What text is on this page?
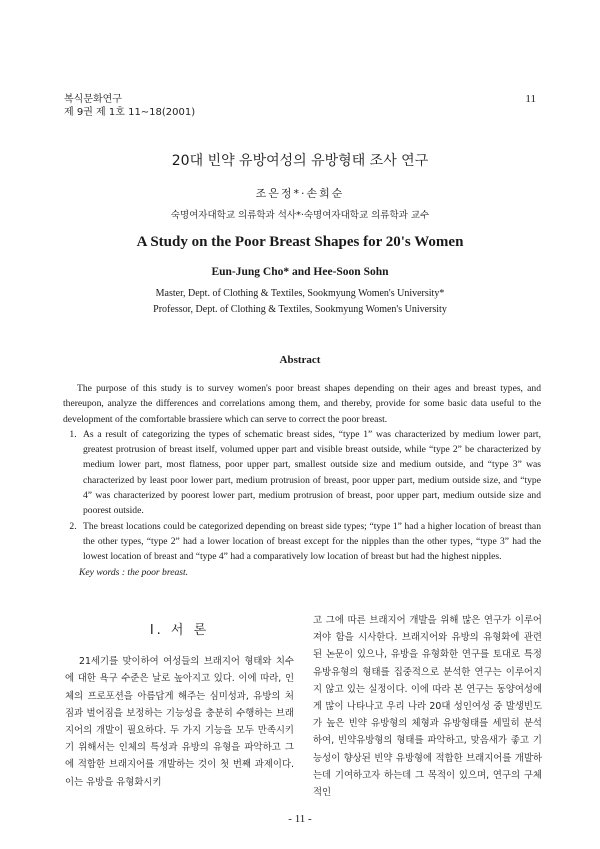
복식문화연구
제 9권 제 1호 11∼18(2001)
11
20대 빈약 유방여성의 유방형태 조사 연구
조은정*·손희순
숙명여자대학교 의류학과 석사*·숙명여자대학교 의류학과 교수
A Study on the Poor Breast Shapes for 20's Women
Eun-Jung Cho* and Hee-Soon Sohn
Master, Dept. of Clothing & Textiles, Sookmyung Women's University*
Professor, Dept. of Clothing & Textiles, Sookmyung Women's University
Abstract

The purpose of this study is to survey women's poor breast shapes depending on their ages and breast types, and thereupon, analyze the differences and correlations among them, and thereby, provide for some basic data useful to the development of the comfortable brassiere which can serve to correct the poor breast.

1. As a result of categorizing the types of schematic breast sides, “type 1” was characterized by medium lower part, greatest protrusion of breast itself, volumed upper part and visible breast outside, while “type 2” be characterized by medium lower part, most flatness, poor upper part, smallest outside size and medium outside, and “type 3” was characterized by least poor lower part, medium protrusion of breast, poor upper part, medium outside size, and “type 4” was characterized by poorest lower part, medium protrusion of breast, poor upper part, medium outside size and poorest outside.
2. The breast locations could be categorized depending on breast side types; “type 1” had a higher location of breast than the other types, “type 2” had a lower location of breast except for the nipples than the other types, “type 3” had the lowest location of breast and “type 4” had a comparatively low location of breast but had the highest nipples.
Key words : the poor breast.
Ⅰ. 서 론

21세기를 맞이하여 여성들의 브래지어 형태와 치수에 대한 욕구 수준은 날로 높아지고 있다. 이에 따라, 인체의 프로포션을 아름답게 해주는 심미성과, 유방의 처짐과 벌어짐을 보정하는 기능성을 충분히 수행하는 브래지어의 개발이 필요하다. 두 가지 기능을 모두 만족시키기 위해서는 인체의 특성과 유방의 유형을 파악하고 그에 적합한 브래지어를 개발하는 것이 첫 번째 과제이다. 이는 유방을 유형화시키

고 그에 따른 브래지어 개발을 위해 많은 연구가 이루어져야 함을 시사한다. 브래지어와 유방의 유형화에 관련된 논문이 있으나, 유방을 유형화한 연구를 토대로 특정유방유형의 형태를 집중적으로 분석한 연구는 이루어지지 않고 있는 실정이다. 이에 따라 본 연구는 동양여성에게 많이 나타나고 우리 나라 20대 성인여성 중 발생빈도가 높은 빈약 유방형의 체형과 유방형태를 세밀히 분석하여, 빈약유방형의 형태를 파악하고, 맞음새가 좋고 기능성이 향상된 빈약 유방형에 적합한 브래지어를 개발하는데 기여하고자 하는데 그 목적이 있으며, 연구의 구체적인

- 11 -
